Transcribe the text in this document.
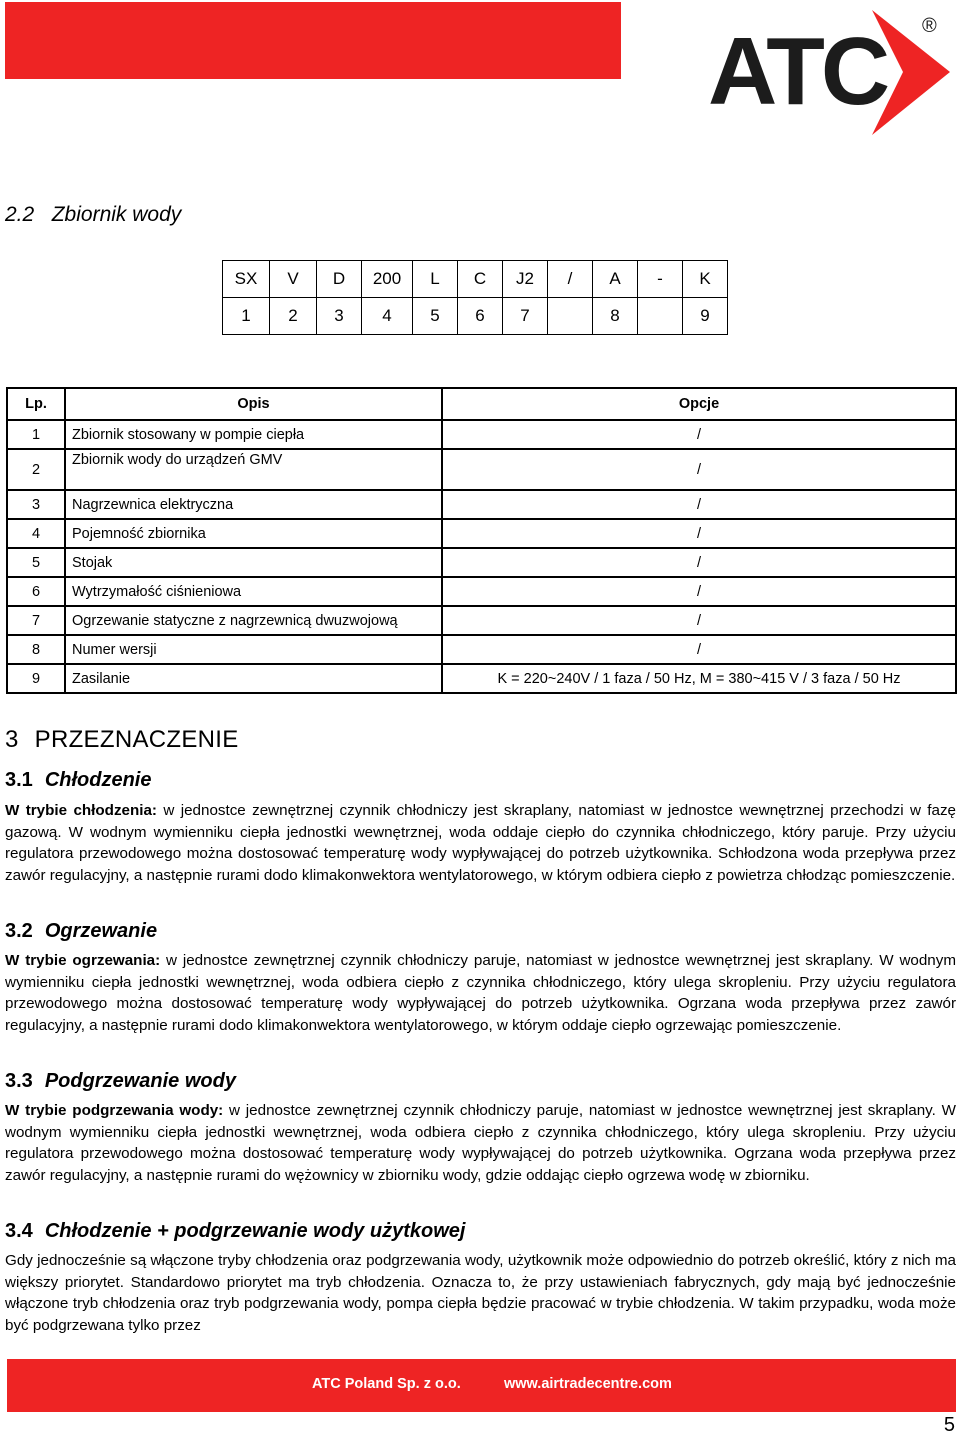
ATC ®
2.2 Zbiornik wody
SX	V	D	200	L	C	J2	/	A	-	K
1	2	3	4	5	6	7		8		9
Lp.	Opis	Opcje
1	Zbiornik stosowany w pompie ciepła	/
2	Zbiornik wody do urządzeń GMV	/
3	Nagrzewnica elektryczna	/
4	Pojemność zbiornika	/
5	Stojak	/
6	Wytrzymałość ciśnieniowa	/
7	Ogrzewanie statyczne z nagrzewnicą dwuzwojową	/
8	Numer wersji	/
9	Zasilanie	K = 220~240V / 1 faza / 50 Hz, M = 380~415 V / 3 faza / 50 Hz
3 PRZEZNACZENIE
3.1 Chłodzenie
W trybie chłodzenia: w jednostce zewnętrznej czynnik chłodniczy jest skraplany, natomiast w jednostce wewnętrznej przechodzi w fazę gazową. W wodnym wymienniku ciepła jednostki wewnętrznej, woda oddaje ciepło do czynnika chłodniczego, który paruje. Przy użyciu regulatora przewodowego można dostosować temperaturę wody wypływającej do potrzeb użytkownika. Schłodzona woda przepływa przez zawór regulacyjny, a następnie rurami dodo klimakonwektora wentylatorowego, w którym odbiera ciepło z powietrza chłodząc pomieszczenie.
3.2 Ogrzewanie
W trybie ogrzewania: w jednostce zewnętrznej czynnik chłodniczy paruje, natomiast w jednostce wewnętrznej jest skraplany. W wodnym wymienniku ciepła jednostki wewnętrznej, woda odbiera ciepło z czynnika chłodniczego, który ulega skropleniu. Przy użyciu regulatora przewodowego można dostosować temperaturę wody wypływającej do potrzeb użytkownika. Ogrzana woda przepływa przez zawór regulacyjny, a następnie rurami dodo klimakonwektora wentylatorowego, w którym oddaje ciepło ogrzewając pomieszczenie.
3.3 Podgrzewanie wody
W trybie podgrzewania wody: w jednostce zewnętrznej czynnik chłodniczy paruje, natomiast w jednostce wewnętrznej jest skraplany. W wodnym wymienniku ciepła jednostki wewnętrznej, woda odbiera ciepło z czynnika chłodniczego, który ulega skropleniu. Przy użyciu regulatora przewodowego można dostosować temperaturę wody wypływającej do potrzeb użytkownika. Ogrzana woda przepływa przez zawór regulacyjny, a następnie rurami do wężownicy w zbiorniku wody, gdzie oddając ciepło ogrzewa wodę w zbiorniku.
3.4 Chłodzenie + podgrzewanie wody użytkowej
Gdy jednocześnie są włączone tryby chłodzenia oraz podgrzewania wody, użytkownik może odpowiednio do potrzeb określić, który z nich ma większy priorytet. Standardowo priorytet ma tryb chłodzenia. Oznacza to, że przy ustawieniach fabrycznych, gdy mają być jednocześnie włączone tryb chłodzenia oraz tryb podgrzewania wody, pompa ciepła będzie pracować w trybie chłodzenia. W takim przypadku, woda może być podgrzewana tylko przez
ATC Poland Sp. z o.o.	www.airtradecentre.com
5
